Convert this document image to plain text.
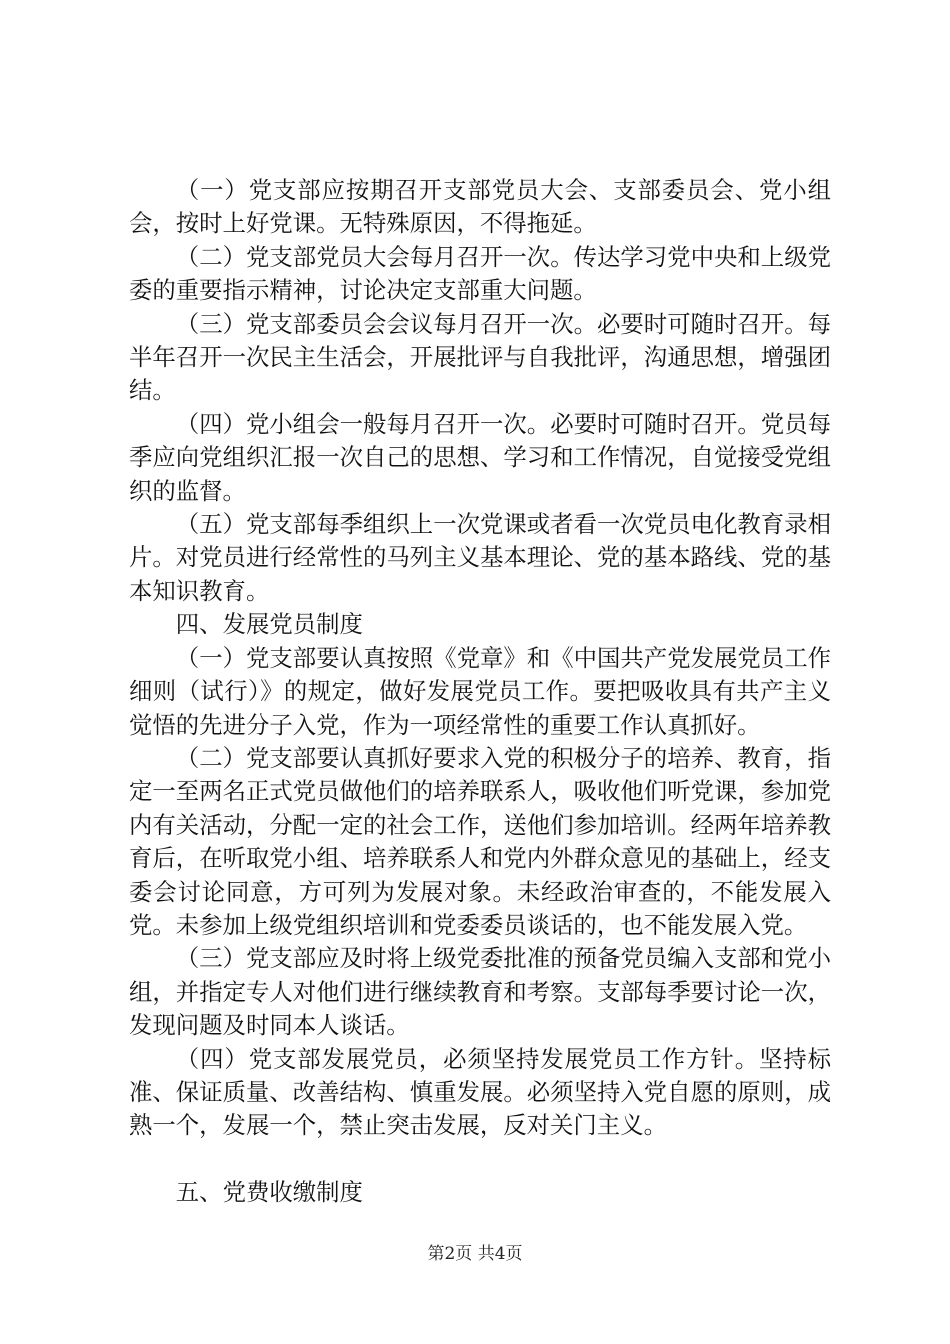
（一）党支部应按期召开支部党员大会、支部委员会、党小组会，按时上好党课。无特殊原因，不得拖延。

（二）党支部党员大会每月召开一次。传达学习党中央和上级党委的重要指示精神，讨论决定支部重大问题。

（三）党支部委员会会议每月召开一次。必要时可随时召开。每半年召开一次民主生活会，开展批评与自我批评，沟通思想，增强团结。

（四）党小组会一般每月召开一次。必要时可随时召开。党员每季应向党组织汇报一次自己的思想、学习和工作情况，自觉接受党组织的监督。

（五）党支部每季组织上一次党课或者看一次党员电化教育录相片。对党员进行经常性的马列主义基本理论、党的基本路线、党的基本知识教育。

四、发展党员制度

（一）党支部要认真按照《党章》和《中国共产党发展党员工作细则（试行）》的规定，做好发展党员工作。要把吸收具有共产主义觉悟的先进分子入党，作为一项经常性的重要工作认真抓好。

（二）党支部要认真抓好要求入党的积极分子的培养、教育，指定一至两名正式党员做他们的培养联系人，吸收他们听党课，参加党内有关活动，分配一定的社会工作，送他们参加培训。经两年培养教育后，在听取党小组、培养联系人和党内外群众意见的基础上，经支委会讨论同意，方可列为发展对象。未经政治审查的，不能发展入党。未参加上级党组织培训和党委委员谈话的，也不能发展入党。

（三）党支部应及时将上级党委批准的预备党员编入支部和党小组，并指定专人对他们进行继续教育和考察。支部每季要讨论一次，发现问题及时同本人谈话。

（四）党支部发展党员，必须坚持发展党员工作方针。坚持标准、保证质量、改善结构、慎重发展。必须坚持入党自愿的原则，成熟一个，发展一个，禁止突击发展，反对关门主义。

五、党费收缴制度

第2页 共4页
